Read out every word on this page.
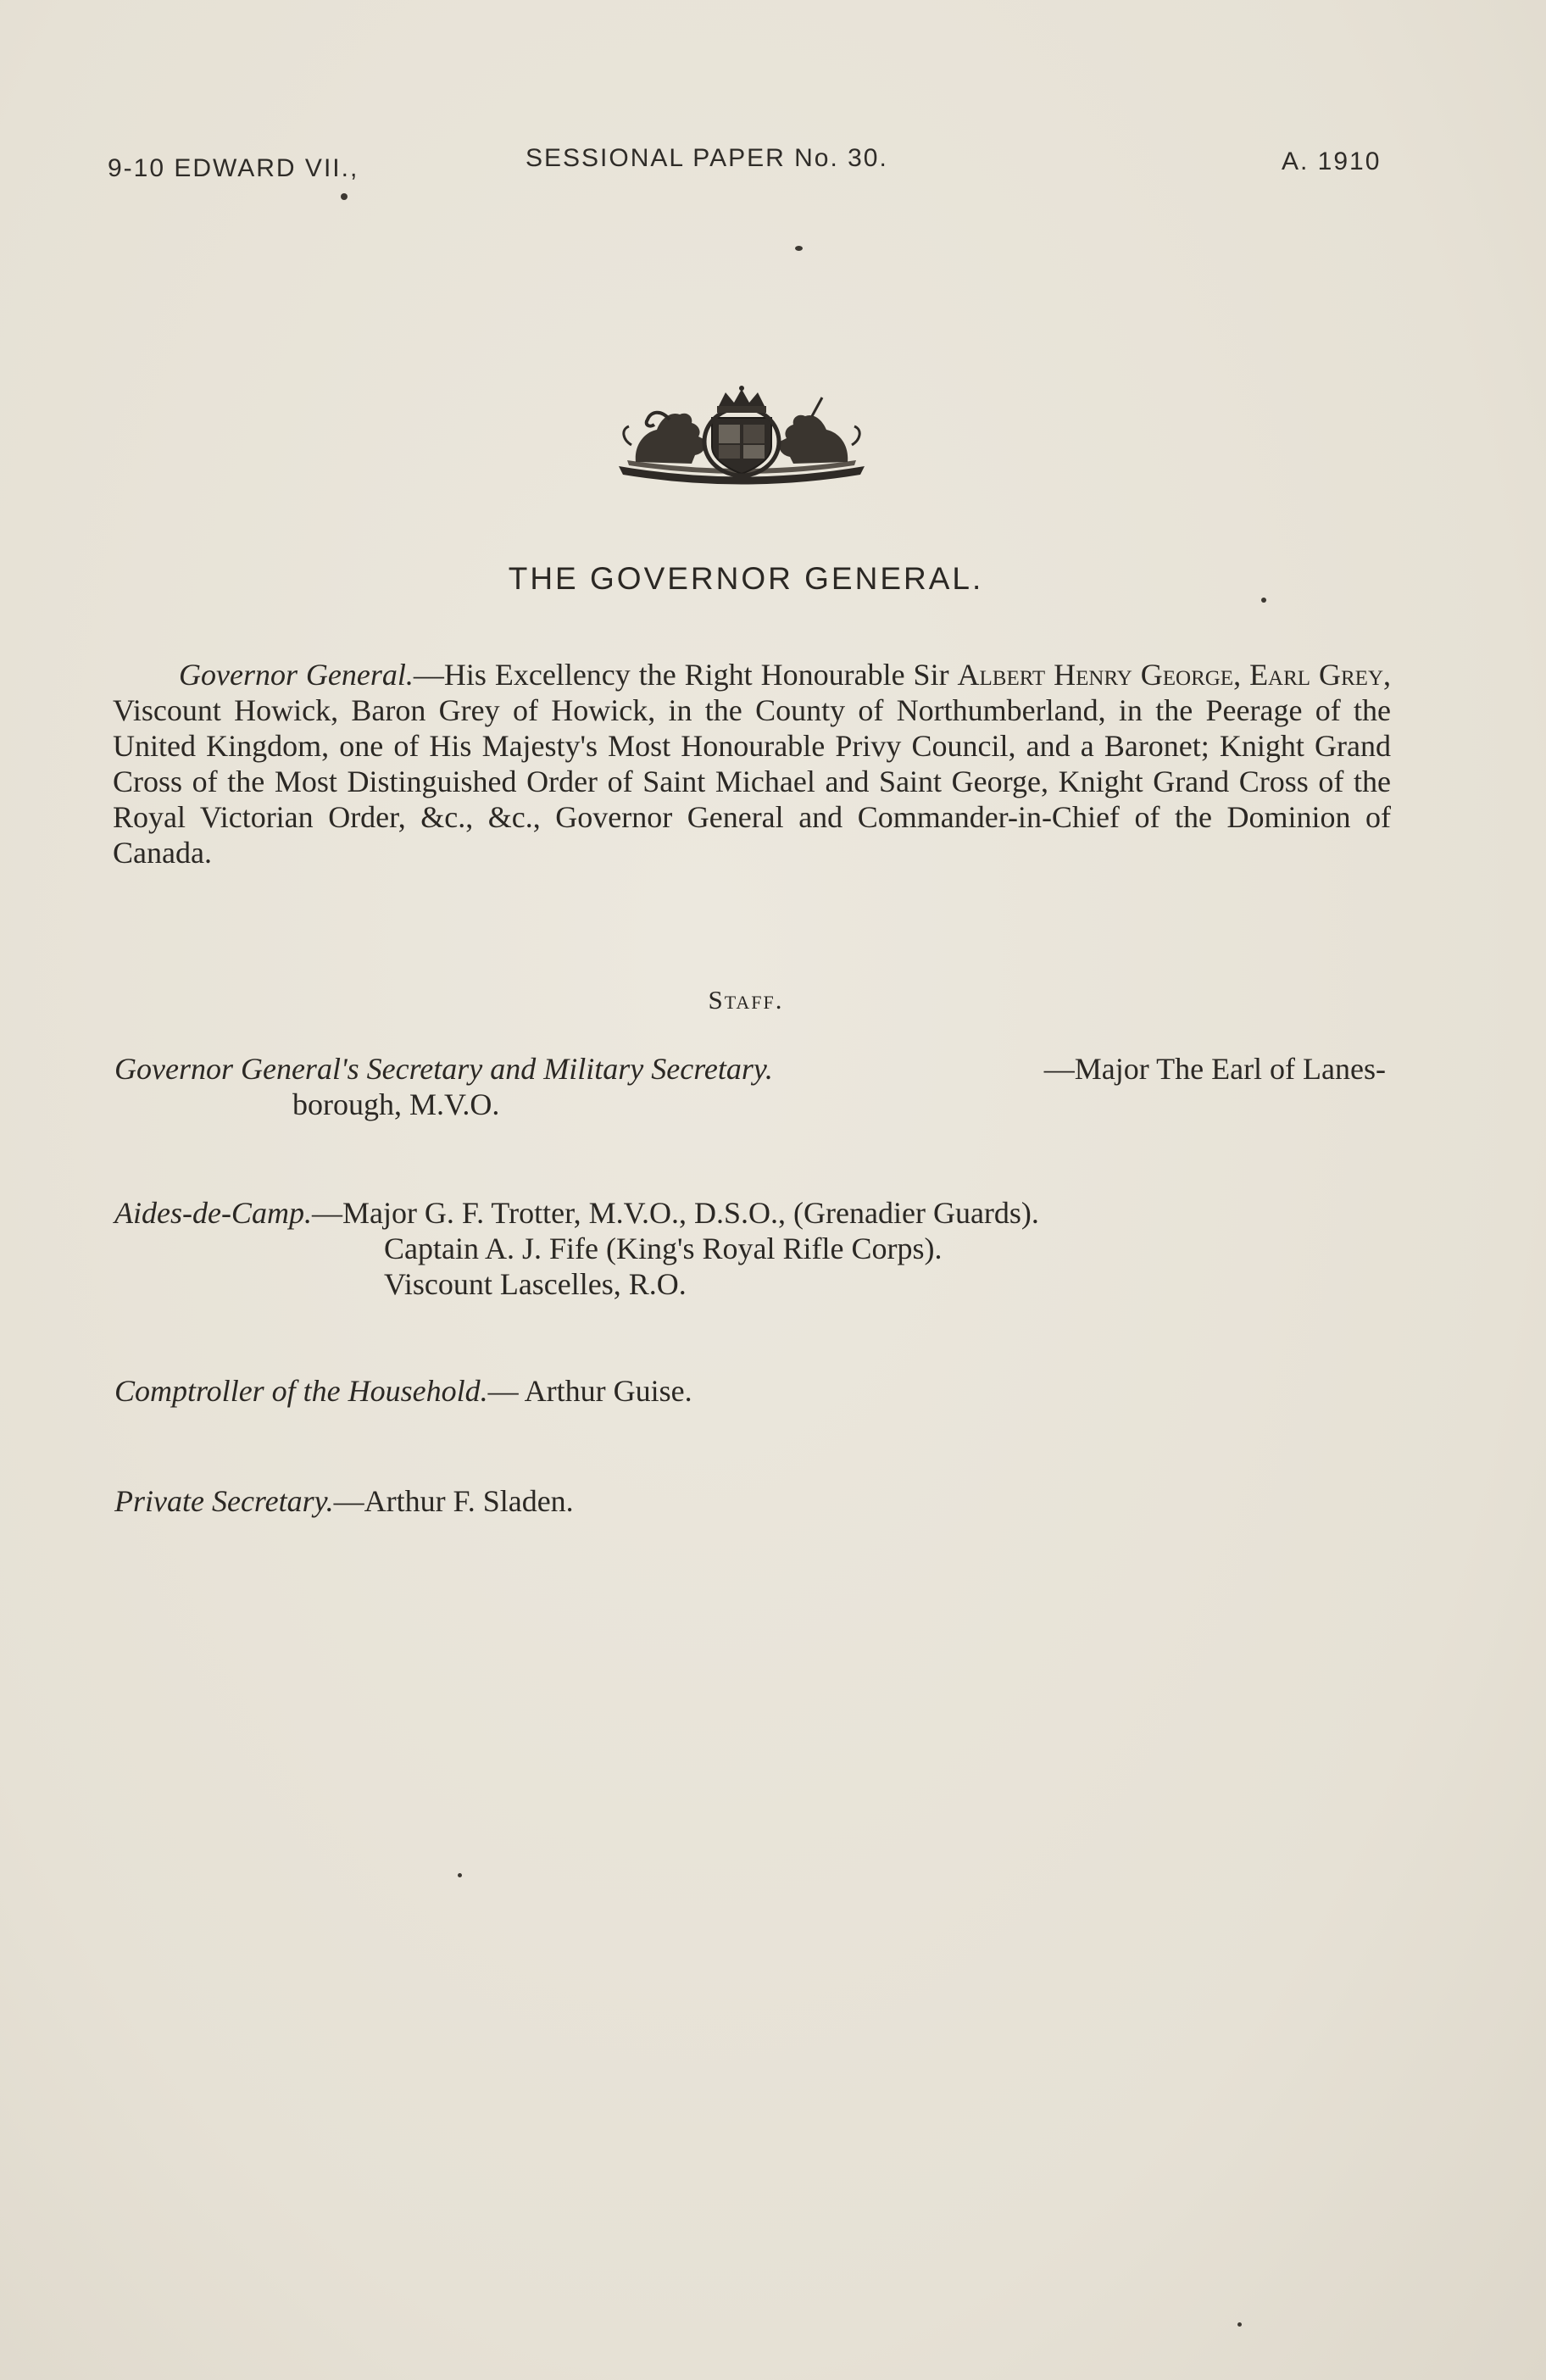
9-10 EDWARD VII.,	SESSIONAL PAPER No. 30.	A. 1910
THE GOVERNOR GENERAL.

Governor General.—His Excellency the Right Honourable Sir Albert Henry George, Earl Grey, Viscount Howick, Baron Grey of Howick, in the County of Northumberland, in the Peerage of the United Kingdom, one of His Majesty's Most Honourable Privy Council, and a Baronet; Knight Grand Cross of the Most Distinguished Order of Saint Michael and Saint George, Knight Grand Cross of the Royal Victorian Order, &c., &c., Governor General and Commander-in-Chief of the Dominion of Canada.

Staff.
Governor General's Secretary and Military Secretary.	—Major The Earl of Lanes-
borough, M.V.O.
Aides-de-Camp.—Major G. F. Trotter, M.V.O., D.S.O., (Grenadier Guards).
Captain A. J. Fife (King's Royal Rifle Corps).
Viscount Lascelles, R.O.
Comptroller of the Household.— Arthur Guise.
Private Secretary.—Arthur F. Sladen.
